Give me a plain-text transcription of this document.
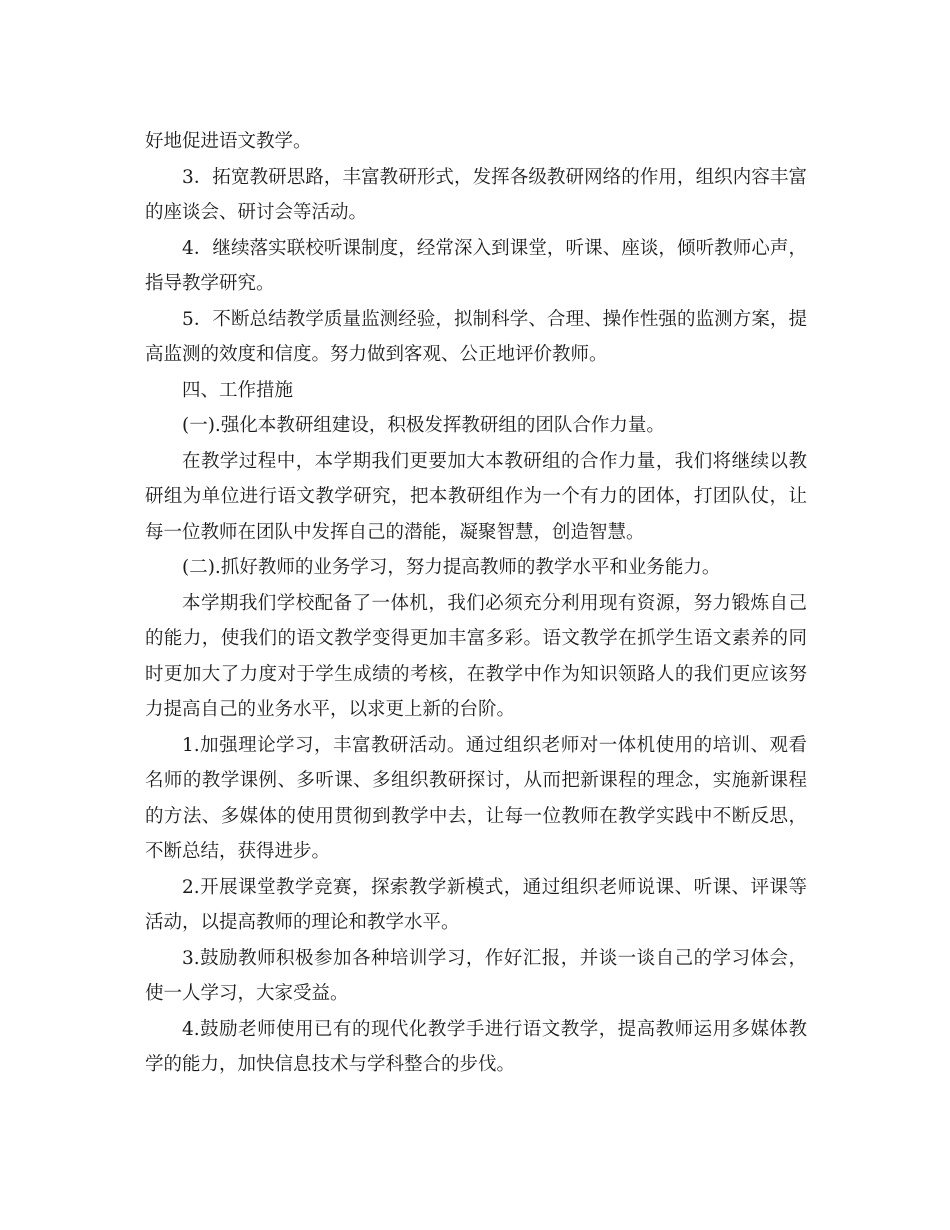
好地促进语文教学。

3．拓宽教研思路，丰富教研形式，发挥各级教研网络的作用，组织内容丰富的座谈会、研讨会等活动。

4．继续落实联校听课制度，经常深入到课堂，听课、座谈，倾听教师心声，指导教学研究。

5．不断总结教学质量监测经验，拟制科学、合理、操作性强的监测方案，提高监测的效度和信度。努力做到客观、公正地评价教师。

四、工作措施

(一).强化本教研组建设，积极发挥教研组的团队合作力量。

在教学过程中，本学期我们更要加大本教研组的合作力量，我们将继续以教研组为单位进行语文教学研究，把本教研组作为一个有力的团体，打团队仗，让每一位教师在团队中发挥自己的潜能，凝聚智慧，创造智慧。

(二).抓好教师的业务学习，努力提高教师的教学水平和业务能力。

本学期我们学校配备了一体机，我们必须充分利用现有资源，努力锻炼自己的能力，使我们的语文教学变得更加丰富多彩。语文教学在抓学生语文素养的同时更加大了力度对于学生成绩的考核，在教学中作为知识领路人的我们更应该努力提高自己的业务水平，以求更上新的台阶。

1.加强理论学习，丰富教研活动。通过组织老师对一体机使用的培训、观看名师的教学课例、多听课、多组织教研探讨，从而把新课程的理念，实施新课程的方法、多媒体的使用贯彻到教学中去，让每一位教师在教学实践中不断反思，不断总结，获得进步。

2.开展课堂教学竞赛，探索教学新模式，通过组织老师说课、听课、评课等活动，以提高教师的理论和教学水平。

3.鼓励教师积极参加各种培训学习，作好汇报，并谈一谈自己的学习体会，使一人学习，大家受益。

4.鼓励老师使用已有的现代化教学手进行语文教学，提高教师运用多媒体教学的能力，加快信息技术与学科整合的步伐。
